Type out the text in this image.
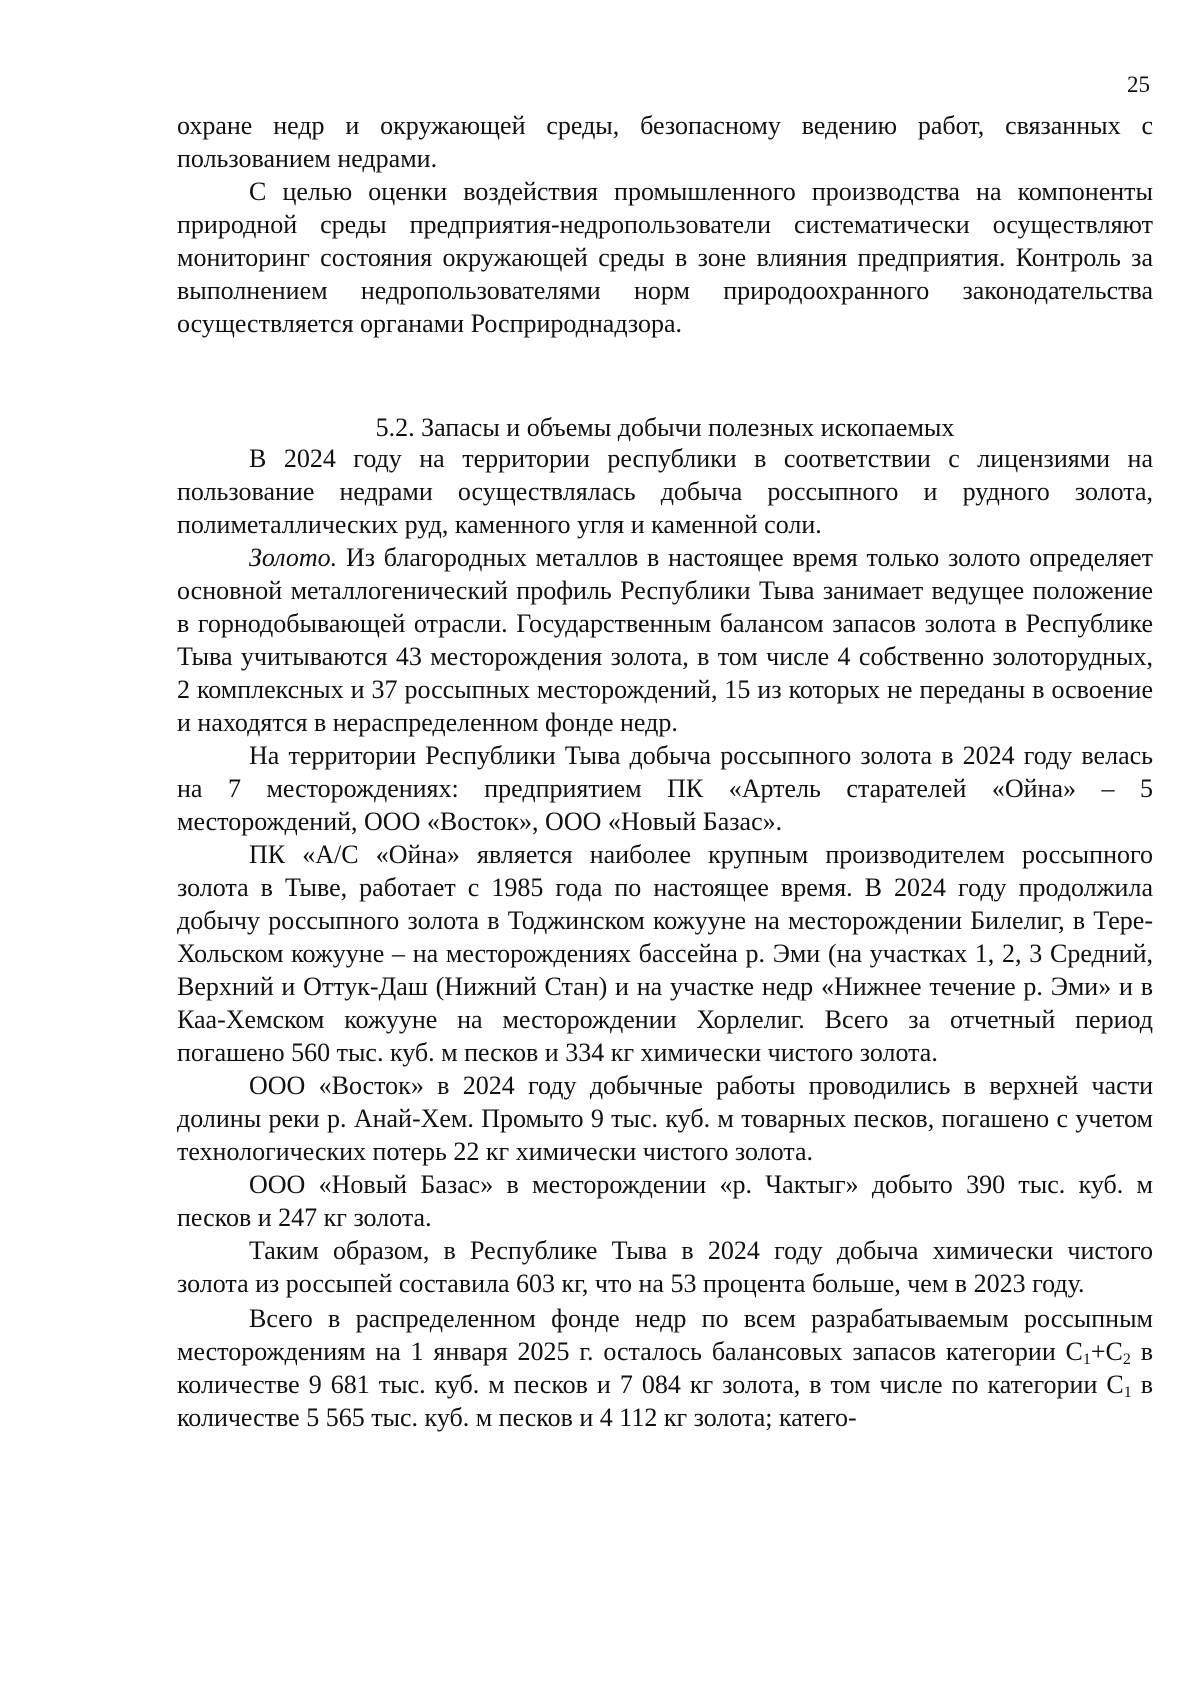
25

охране недр и окружающей среды, безопасному ведению работ, связанных с пользованием недрами.

С целью оценки воздействия промышленного производства на компоненты природной среды предприятия-недропользователи систематически осуществляют мониторинг состояния окружающей среды в зоне влияния предприятия. Контроль за выполнением недропользователями норм природоохранного законодательства осуществляется органами Росприроднадзора.

5.2. Запасы и объемы добычи полезных ископаемых

В 2024 году на территории республики в соответствии с лицензиями на пользование недрами осуществлялась добыча россыпного и рудного золота, полиметаллических руд, каменного угля и каменной соли.

Золото. Из благородных металлов в настоящее время только золото определяет основной металлогенический профиль Республики Тыва занимает ведущее положение в горнодобывающей отрасли. Государственным балансом запасов золота в Республике Тыва учитываются 43 месторождения золота, в том числе 4 собственно золоторудных, 2 комплексных и 37 россыпных месторождений, 15 из которых не переданы в освоение и находятся в нераспределенном фонде недр.

На территории Республики Тыва добыча россыпного золота в 2024 году велась на 7 месторождениях: предприятием ПК «Артель старателей «Ойна» – 5 месторождений, ООО «Восток», ООО «Новый Базас».

ПК «А/С «Ойна» является наиболее крупным производителем россыпного золота в Тыве, работает с 1985 года по настоящее время. В 2024 году продолжила добычу россыпного золота в Тоджинском кожууне на месторождении Билелиг, в Тере-Хольском кожууне – на месторождениях бассейна р. Эми (на участках 1, 2, 3 Средний, Верхний и Оттук-Даш (Нижний Стан) и на участке недр «Нижнее течение р. Эми» и в Каа-Хемском кожууне на месторождении Хорлелиг. Всего за отчетный период погашено 560 тыс. куб. м песков и 334 кг химически чистого золота.

ООО «Восток» в 2024 году добычные работы проводились в верхней части долины реки р. Анай-Хем. Промыто 9 тыс. куб. м товарных песков, погашено с учетом технологических потерь 22 кг химически чистого золота.

ООО «Новый Базас» в месторождении «р. Чактыг» добыто 390 тыс. куб. м песков и 247 кг золота.

Таким образом, в Республике Тыва в 2024 году добыча химически чистого золота из россыпей составила 603 кг, что на 53 процента больше, чем в 2023 году.

Всего в распределенном фонде недр по всем разрабатываемым россыпным месторождениям на 1 января 2025 г. осталось балансовых запасов категории $С_1+С_2$ в количестве 9 681 тыс. куб. м песков и 7 084 кг золота, в том числе по категории $С_1$ в количестве 5 565 тыс. куб. м песков и 4 112 кг золота; катего-
